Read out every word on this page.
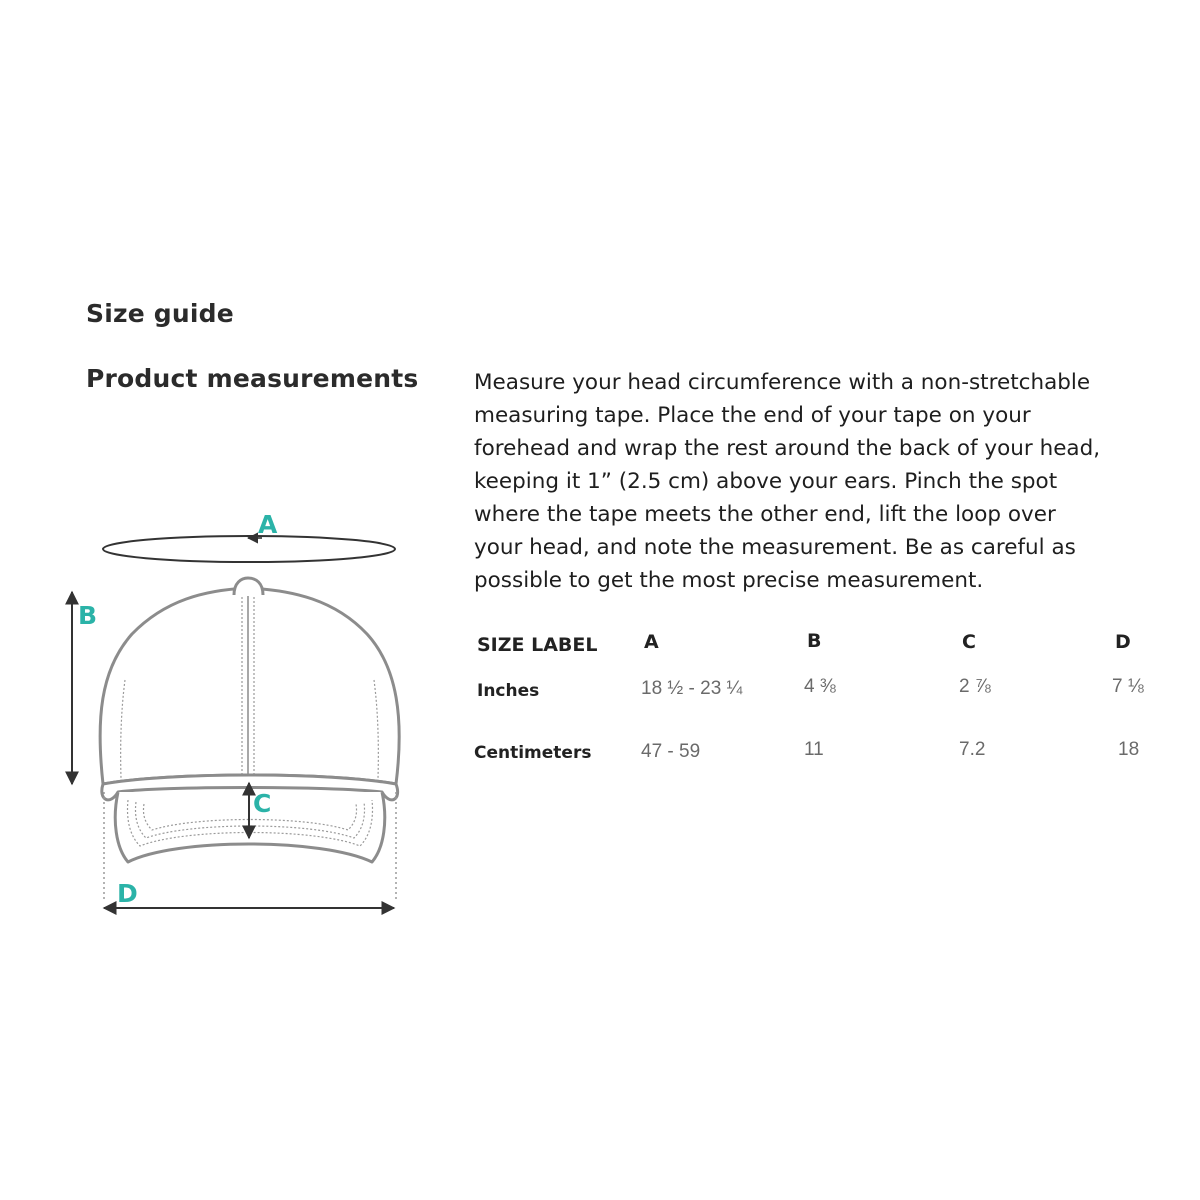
Size guide
Product measurements	Measure your head circumference with a non-stretchable
measuring tape. Place the end of your tape on your
forehead and wrap the rest around the back of your head,
keeping it 1” (2.5 cm) above your ears. Pinch the spot
where the tape meets the other end, lift the loop over
your head, and note the measurement. Be as careful as
possible to get the most precise measurement.

SIZE LABEL A	B	C	D
Inches	18 ½ - 23 ¼	4 ⅜	2 ⅞	7 ⅛
Centimeters	47 - 59	11	7.2	18
A
B
C
D
